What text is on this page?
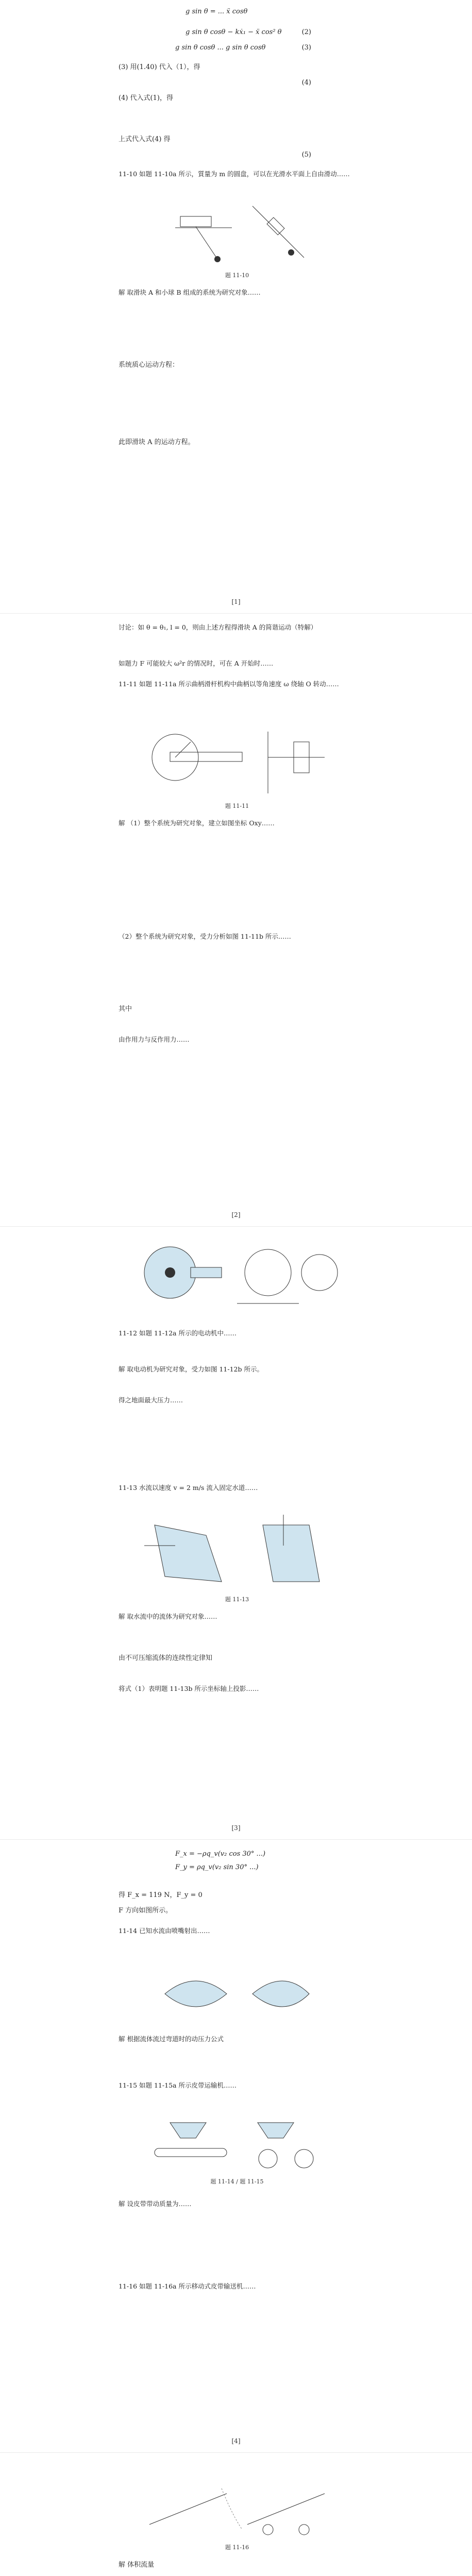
g sin θ = ... ẍ cosθ
g sin θ cosθ − kẋ₁ − ẍ cos² θ	(2)
g sin θ cosθ ... g sin θ cosθ	(3)
(3) 用(1.40) 代入（1），得
(4)
(4) 代入式(1)，得
上式代入式(4) 得
(5)
11-10 如题 11-10a 所示，質量为 m 的圆盘，可以在光滑水平面上自由滑动……
题 11-10
解 取滑块 A 和小球 B 组成的系统为研究对象……
系统质心运动方程：
此即滑块 A 的运动方程。
[1]
讨论：如 θ = θ₁, l = 0，则由上述方程得滑块 A 的简谐运动（特解）
如题力 F 可能较大 ω²r 的情况时，可在 A 开始时……
11-11 如题 11-11a 所示曲柄滑杆机构中曲柄以等角速度 ω 绕轴 O 转动……
题 11-11
解 （1）整个系统为研究对象，建立如图坐标 Oxy……
（2）整个系统为研究对象，受力分析如图 11-11b 所示……
其中
由作用力与反作用力……
[2]
11-12 如题 11-12a 所示的电动机中……
解 取电动机为研究对象，受力如图 11-12b 所示。
得之地面最大压力……
11-13 水流以速度 v = 2 m/s 流入固定水道……
题 11-13
解 取水流中的流体为研究对象……
由不可压缩流体的连续性定律知
将式（1）表明题 11-13b 所示坐标轴上投影……
[3]
F_x = −ρq_v(v₂ cos 30° ...)
F_y = ρq_v(v₂ sin 30° ...)
得 F_x = 119 N，F_y = 0
F 方向如图所示。
11-14 已知水流由喷嘴射出……
解 根据流体流过弯道时的动压力公式
11-15 如题 11-15a 所示皮带运输机……
题 11-14 / 题 11-15
解 设皮带带动质量为……
11-16 如题 11-16a 所示移动式皮带输送机……
[4]
题 11-16
解 体积流量
